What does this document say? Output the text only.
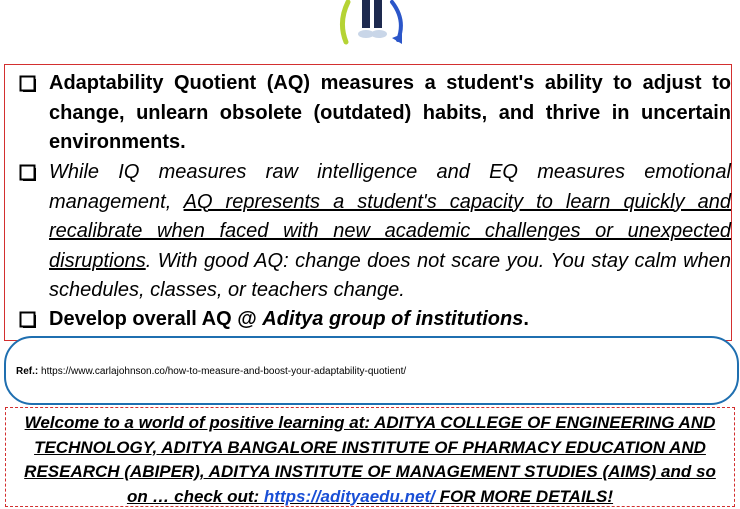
Adaptability Quotient (AQ) measures a student's ability to adjust to change, unlearn obsolete (outdated) habits, and thrive in uncertain environments.
While IQ measures raw intelligence and EQ measures emotional management, AQ represents a student's capacity to learn quickly and recalibrate when faced with new academic challenges or unexpected disruptions. With good AQ: change does not scare you. You stay calm when schedules, classes, or teachers change.
Develop overall AQ @ Aditya group of institutions.
Ref.: https://www.carlajohnson.co/how-to-measure-and-boost-your-adaptability-quotient/
Welcome to a world of positive learning at: ADITYA COLLEGE OF ENGINEERING AND TECHNOLOGY, ADITYA BANGALORE INSTITUTE OF PHARMACY EDUCATION AND RESEARCH (ABIPER), ADITYA INSTITUTE OF MANAGEMENT STUDIES (AIMS) and so on … check out: https://adityaedu.net/ FOR MORE DETAILS!
